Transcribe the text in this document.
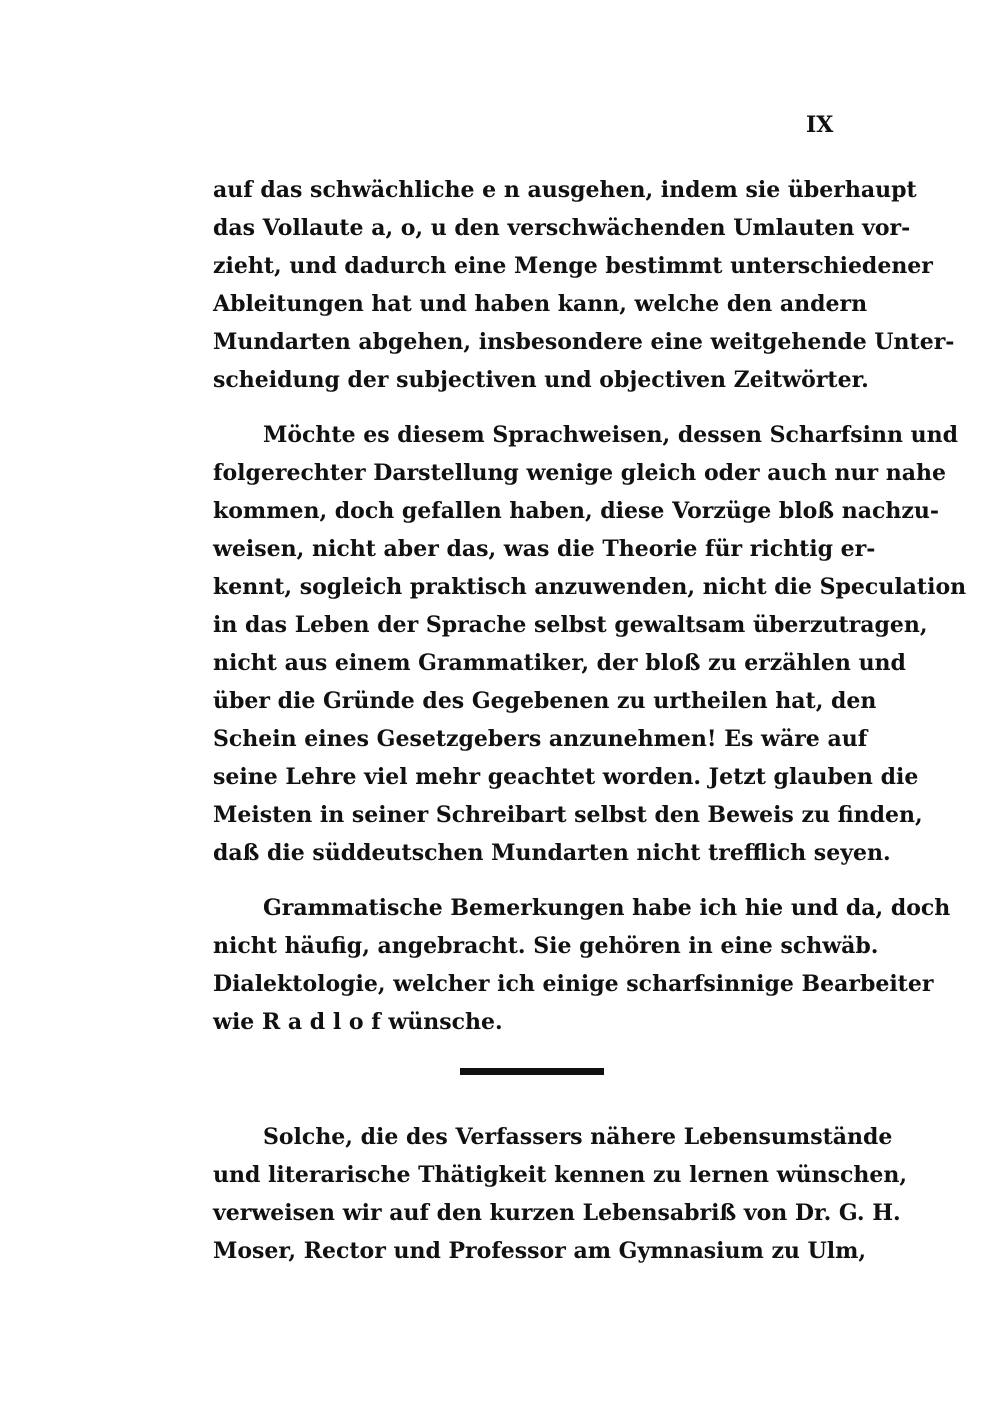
IX
auf das schwächliche e n ausgehen, indem sie überhaupt
das Vollaute a, o, u den verschwächenden Umlauten vor-
zieht, und dadurch eine Menge bestimmt unterschiedener
Ableitungen hat und haben kann, welche den andern
Mundarten abgehen, insbesondere eine weitgehende Unter-
scheidung der subjectiven und objectiven Zeitwörter.
Möchte es diesem Sprachweisen, dessen Scharfsinn und
folgerechter Darstellung wenige gleich oder auch nur nahe
kommen, doch gefallen haben, diese Vorzüge bloß nachzu-
weisen, nicht aber das, was die Theorie für richtig er-
kennt, sogleich praktisch anzuwenden, nicht die Speculation
in das Leben der Sprache selbst gewaltsam überzutragen,
nicht aus einem Grammatiker, der bloß zu erzählen und
über die Gründe des Gegebenen zu urtheilen hat, den
Schein eines Gesetzgebers anzunehmen! Es wäre auf
seine Lehre viel mehr geachtet worden. Jetzt glauben die
Meisten in seiner Schreibart selbst den Beweis zu finden,
daß die süddeutschen Mundarten nicht trefflich seyen.
Grammatische Bemerkungen habe ich hie und da, doch
nicht häufig, angebracht. Sie gehören in eine schwäb.
Dialektologie, welcher ich einige scharfsinnige Bearbeiter
wie R a d l o f wünsche.
Solche, die des Verfassers nähere Lebensumstände
und literarische Thätigkeit kennen zu lernen wünschen,
verweisen wir auf den kurzen Lebensabriß von Dr. G. H.
Moser, Rector und Professor am Gymnasium zu Ulm,
